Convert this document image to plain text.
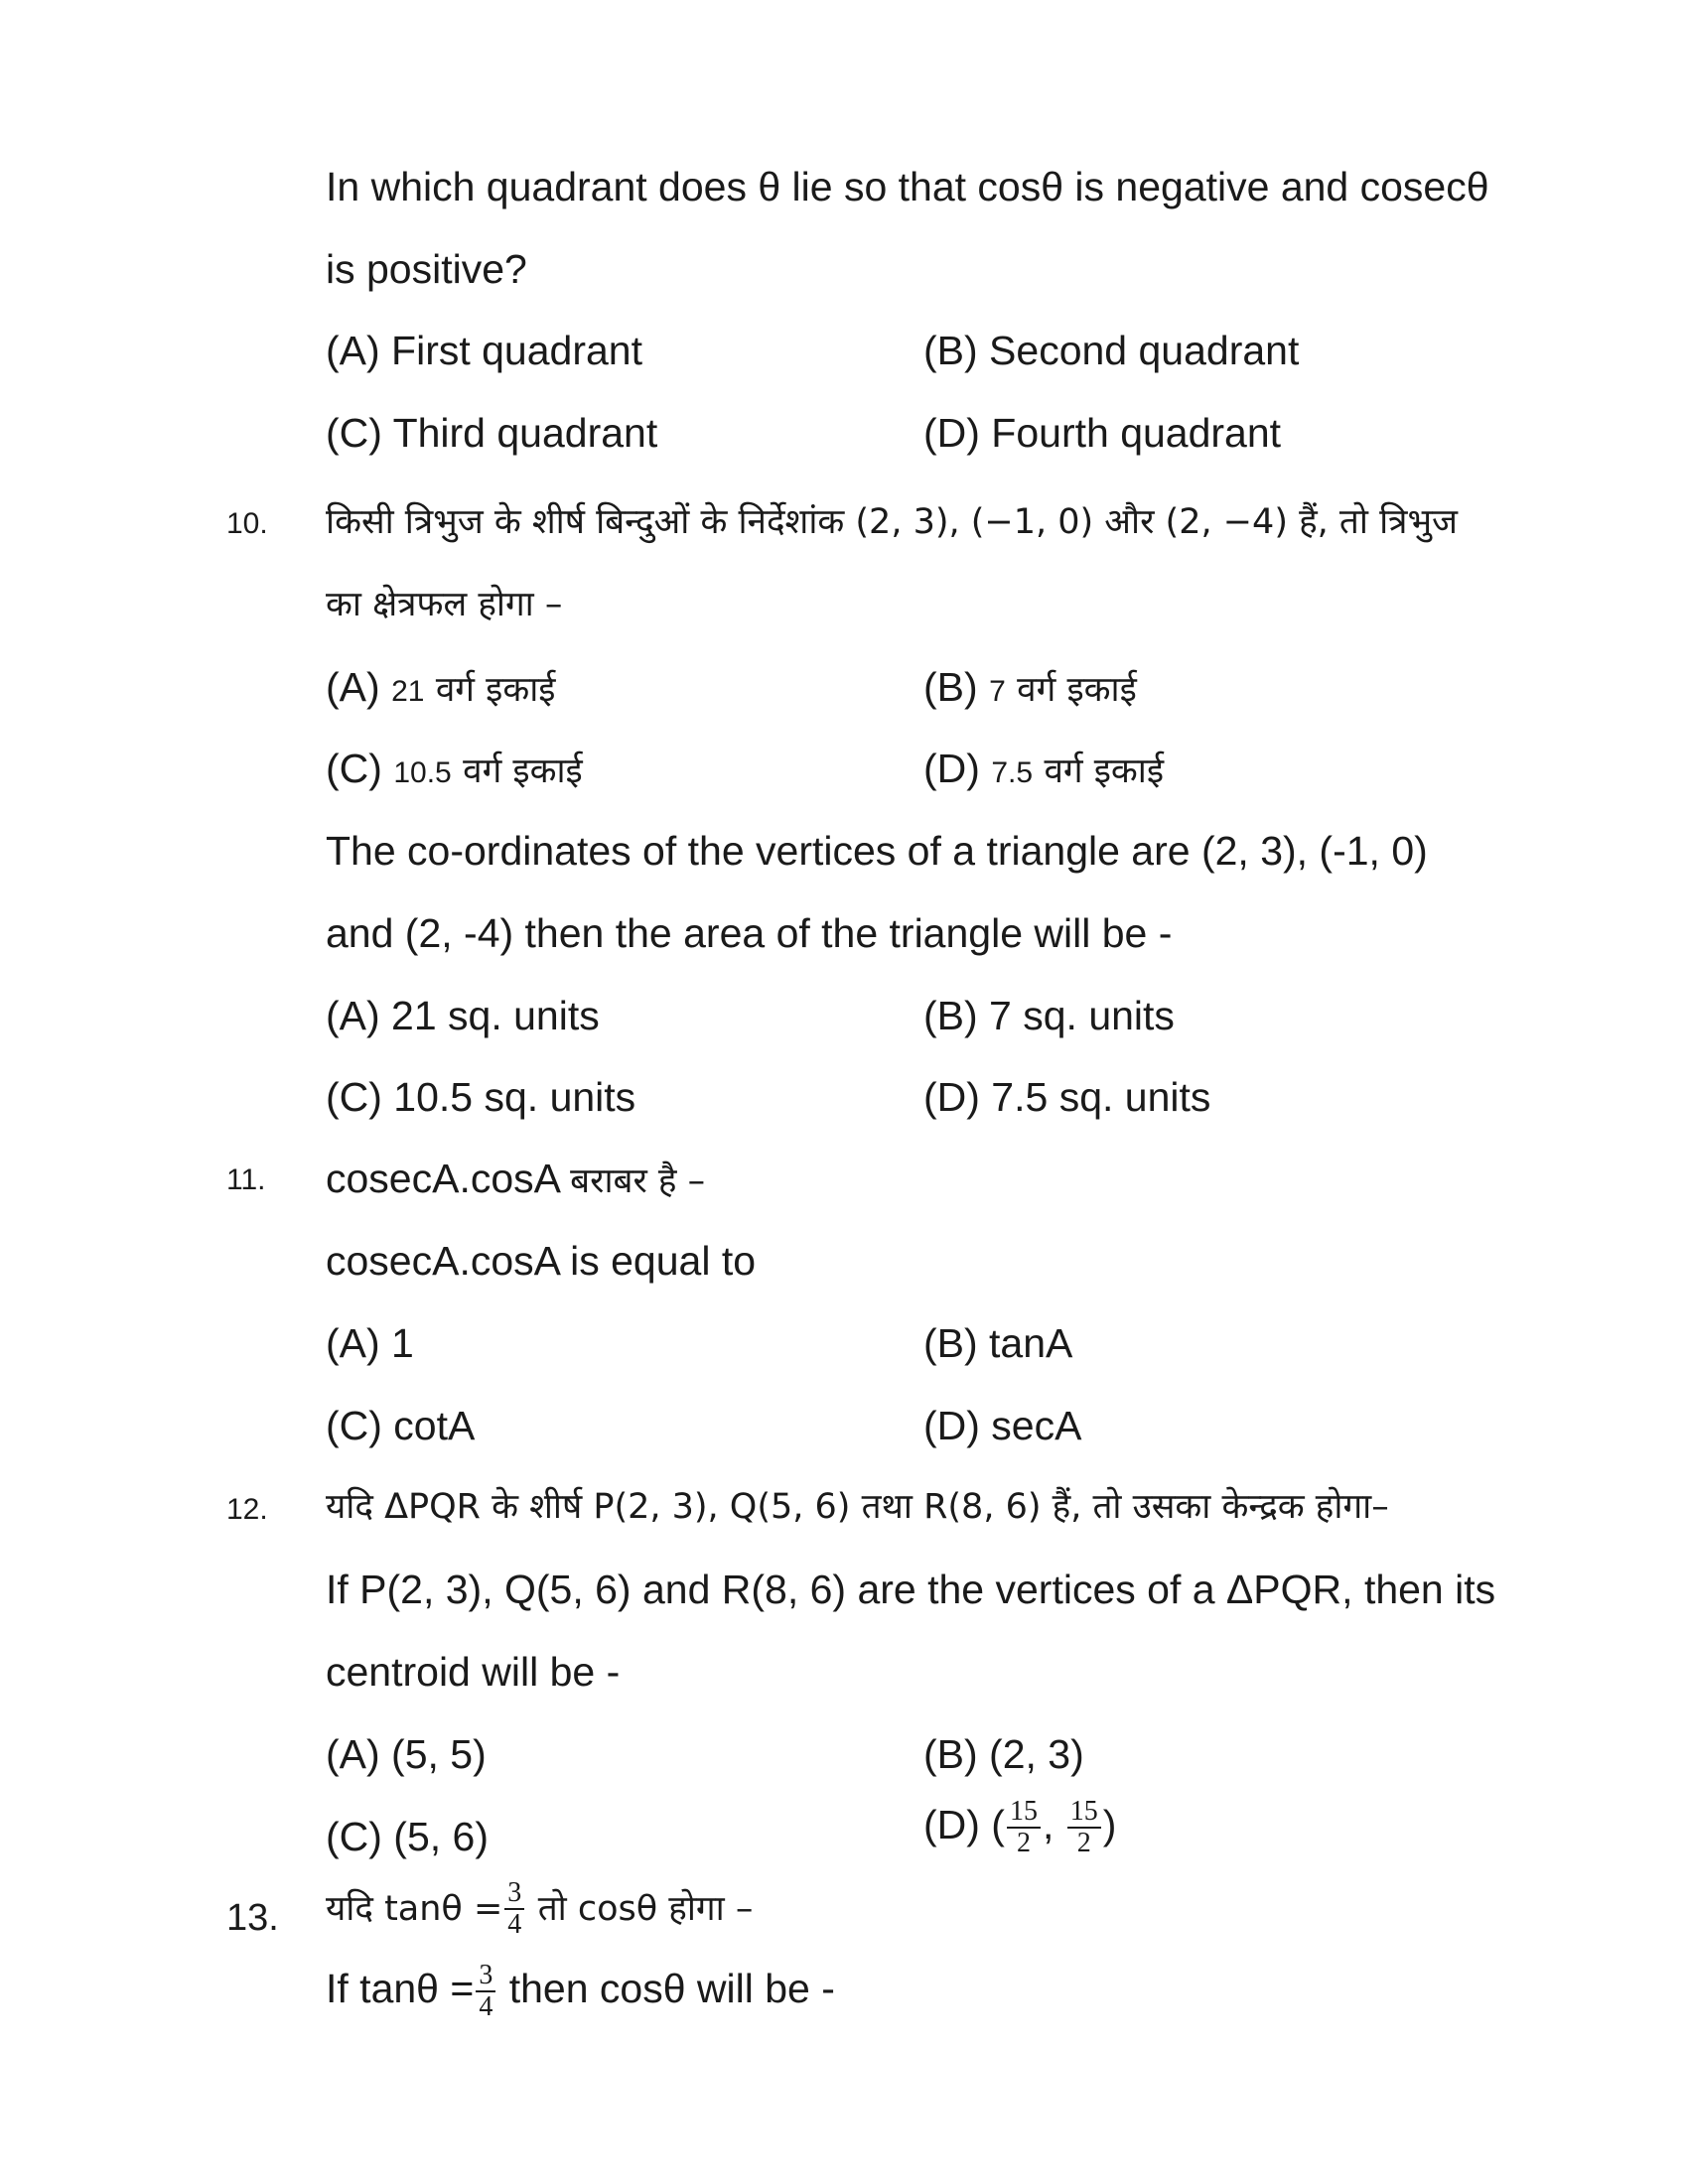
In which quadrant does θ lie so that cosθ is negative and cosecθ
is positive?
(A) First quadrant	(B) Second quadrant
(C) Third quadrant	(D) Fourth quadrant
10. किसी त्रिभुज के शीर्ष बिन्दुओं के निर्देशांक (2, 3), (−1, 0) और (2, −4) हैं, तो त्रिभुज
का क्षेत्रफल होगा –
(A) 21 वर्ग इकाई	(B) 7 वर्ग इकाई
(C) 10.5 वर्ग इकाई	(D) 7.5 वर्ग इकाई
The co-ordinates of the vertices of a triangle are (2, 3), (-1, 0)
and (2, -4) then the area of the triangle will be -
(A) 21 sq. units	(B) 7 sq. units
(C) 10.5 sq. units	(D) 7.5 sq. units
11. cosecA.cosA बराबर है –
cosecA.cosA is equal to
(A) 1	(B) tanA
(C) cotA	(D) secA
12. यदि ΔPQR के शीर्ष P(2, 3), Q(5, 6) तथा R(8, 6) हैं, तो उसका केन्द्रक होगा–
If P(2, 3), Q(5, 6) and R(8, 6) are the vertices of a ΔPQR, then its
centroid will be -
(A) (5, 5)	(B) (2, 3)
(C) (5, 6)	(D) ( $\frac{15}{2}$ , $\frac{15}{2}$ )
13. यदि $\tan\theta = \frac{3}{4}$ तो cosθ होगा –
If $\tan\theta = \frac{3}{4}$ then cosθ will be -
